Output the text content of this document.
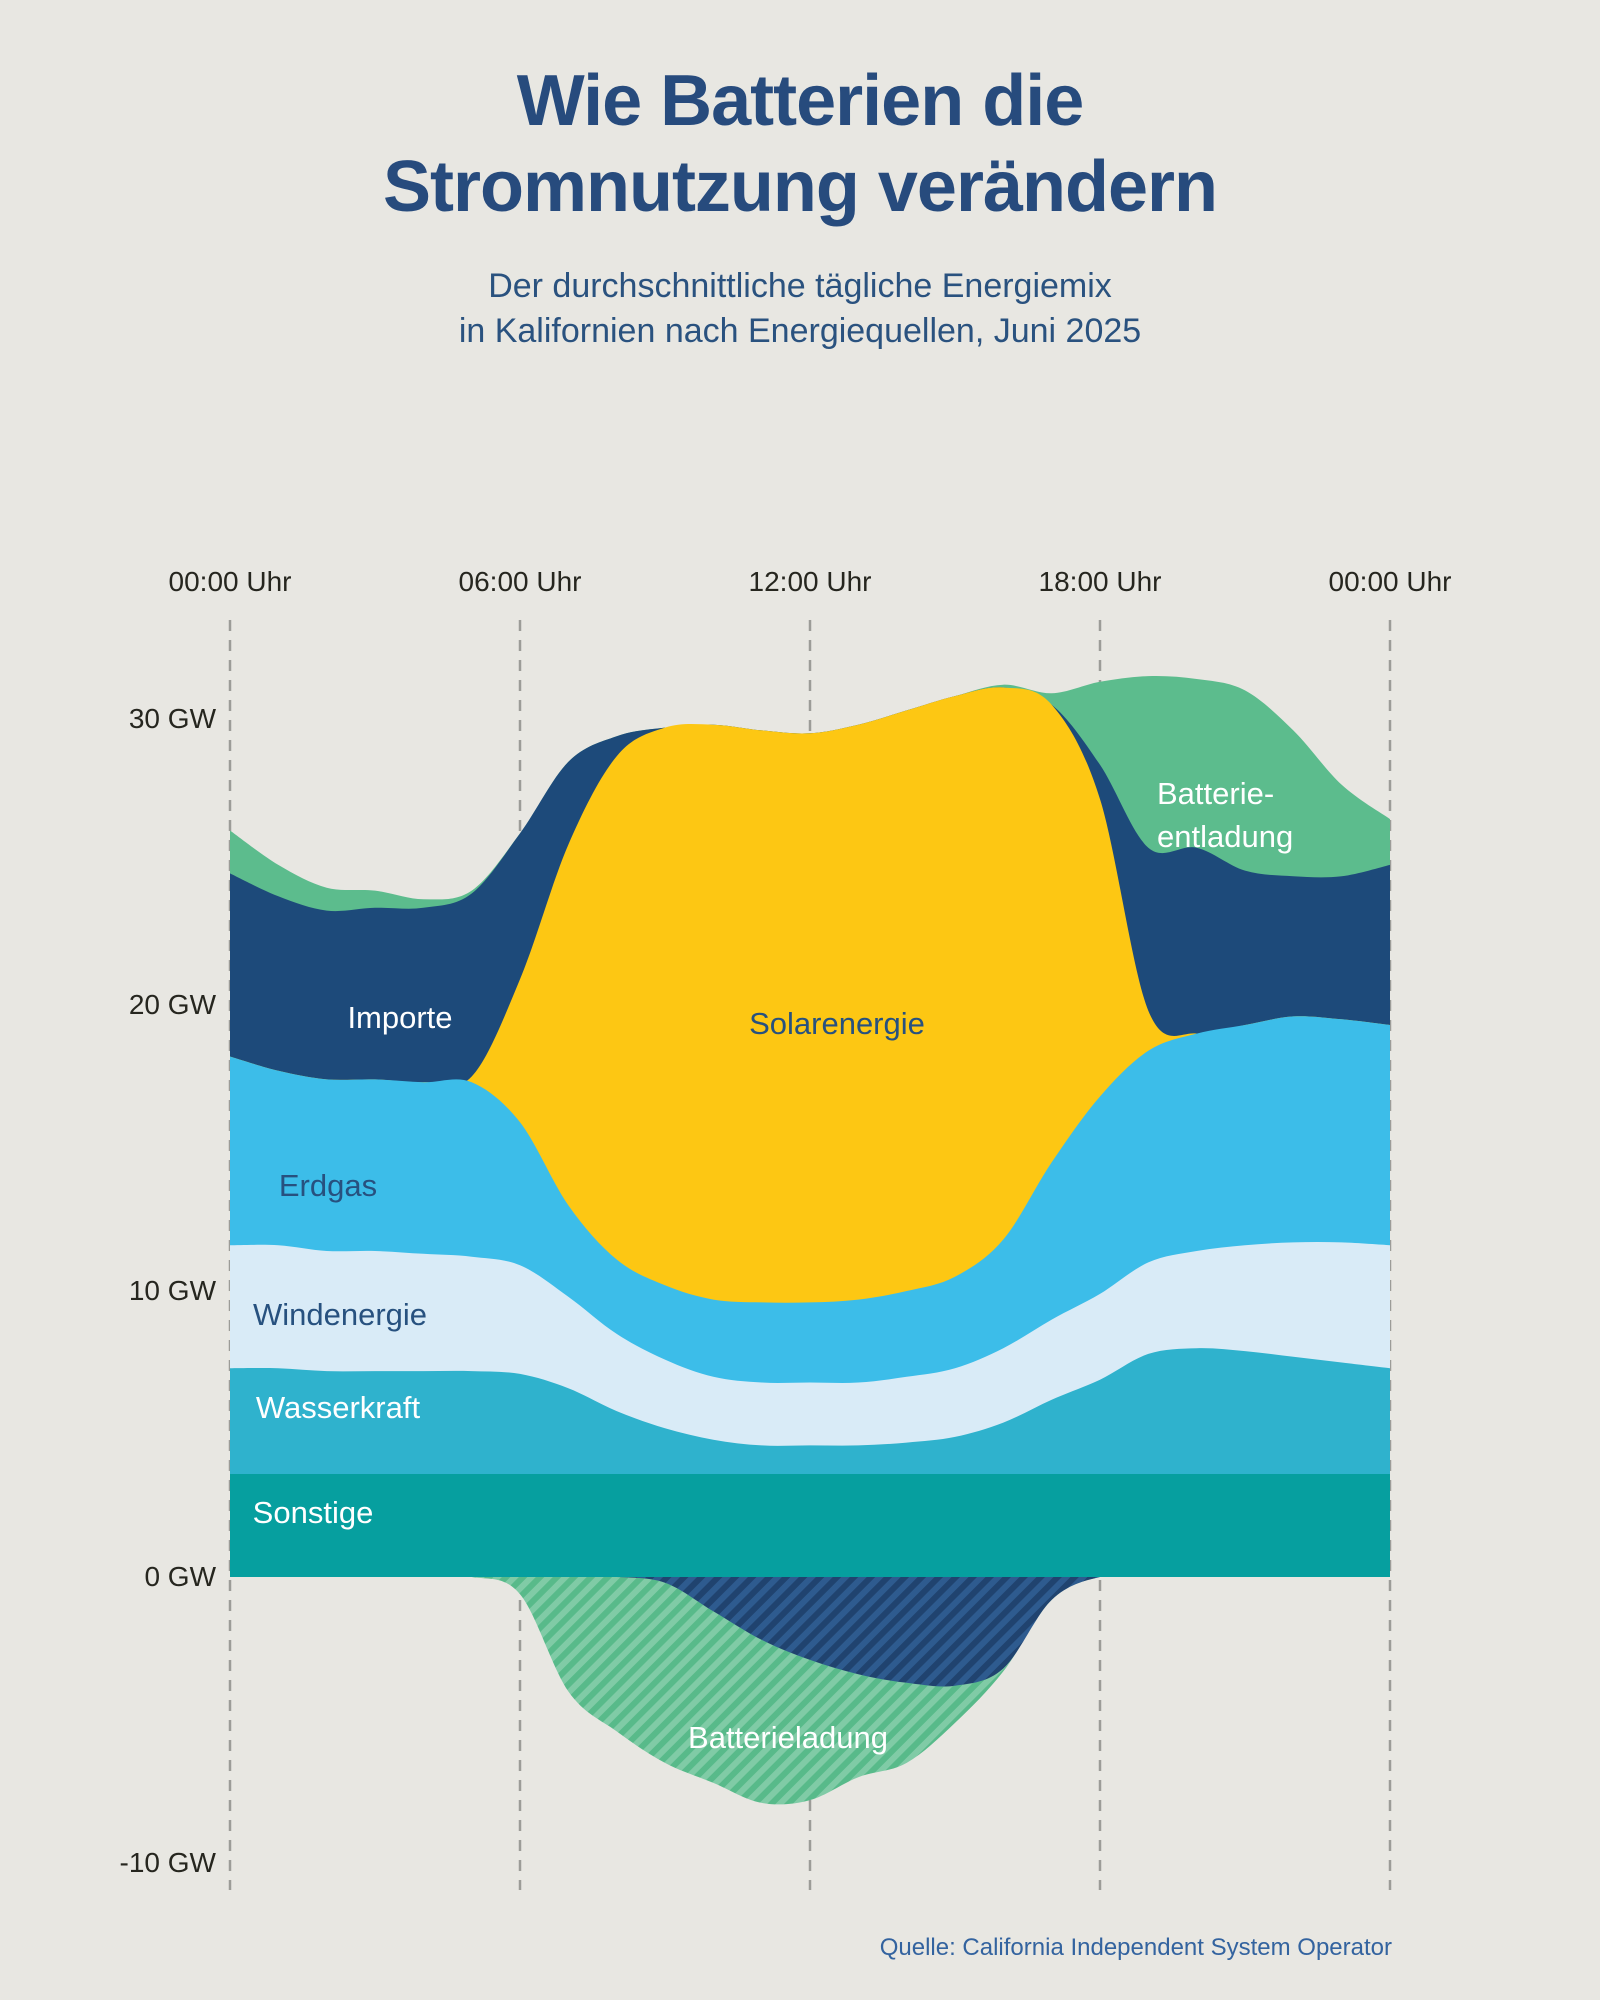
Wie Batterien die
Stromnutzung verändern
Der durchschnittliche tägliche Energiemix
in Kalifornien nach Energiequellen, Juni 2025
00:00 Uhr	06:00 Uhr	12:00 Uhr	18:00 Uhr	00:00 Uhr
30 GW
20 GW
10 GW
0 GW
-10 GW
Importe
Erdgas
Windenergie
Wasserkraft
Sonstige
Solarenergie
Batterie-
entladung
Batterieladung
Quelle: California Independent System Operator
